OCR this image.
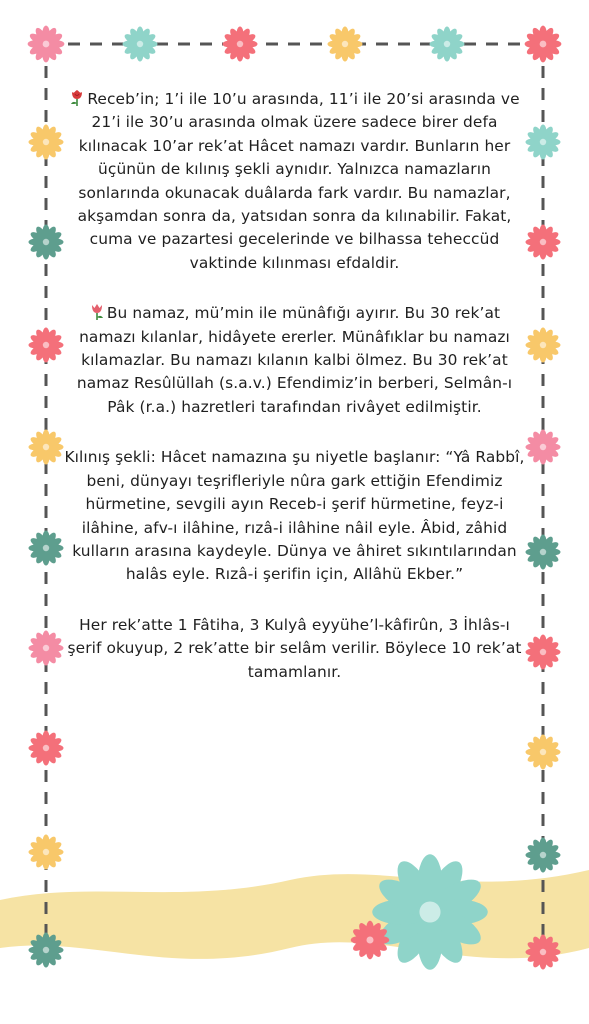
Receb’in; 1’i ile 10’u arasında, 11’i ile 20’si arasında ve 21’i ile 30’u arasında olmak üzere sadece birer defa kılınacak 10’ar rek’at Hâcet namazı vardır. Bunların her üçünün de kılınış şekli aynıdır. Yalnızca namazların sonlarında okunacak duâlarda fark vardır. Bu namazlar, akşamdan sonra da, yatsıdan sonra da kılınabilir. Fakat, cuma ve pazartesi gecelerinde ve bilhassa teheccüd vaktinde kılınması efdaldir.

Bu namaz, mü’min ile münâfığı ayırır. Bu 30 rek’at namazı kılanlar, hidâyete ererler. Münâfıklar bu namazı kılamazlar. Bu namazı kılanın kalbi ölmez. Bu 30 rek’at namaz Resûlüllah (s.a.v.) Efendimiz’in berberi, Selmân-ı Pâk (r.a.) hazretleri tarafından rivâyet edilmiştir.

Kılınış şekli: Hâcet namazına şu niyetle başlanır: “Yâ Rabbî, beni, dünyayı teşrifleriyle nûra gark ettiğin Efendimiz hürmetine, sevgili ayın Receb-i şerif hürmetine, feyz-i ilâhine, afv-ı ilâhine, rızâ-i ilâhine nâil eyle. Âbid, zâhid kulların arasına kaydeyle. Dünya ve âhiret sıkıntılarından halâs eyle. Rızâ-i şerifin için, Allâhü Ekber.”

Her rek’atte 1 Fâtiha, 3 Kulyâ eyyühe’l-kâfirûn, 3 İhlâs-ı şerif okuyup, 2 rek’atte bir selâm verilir. Böylece 10 rek’at tamamlanır.
